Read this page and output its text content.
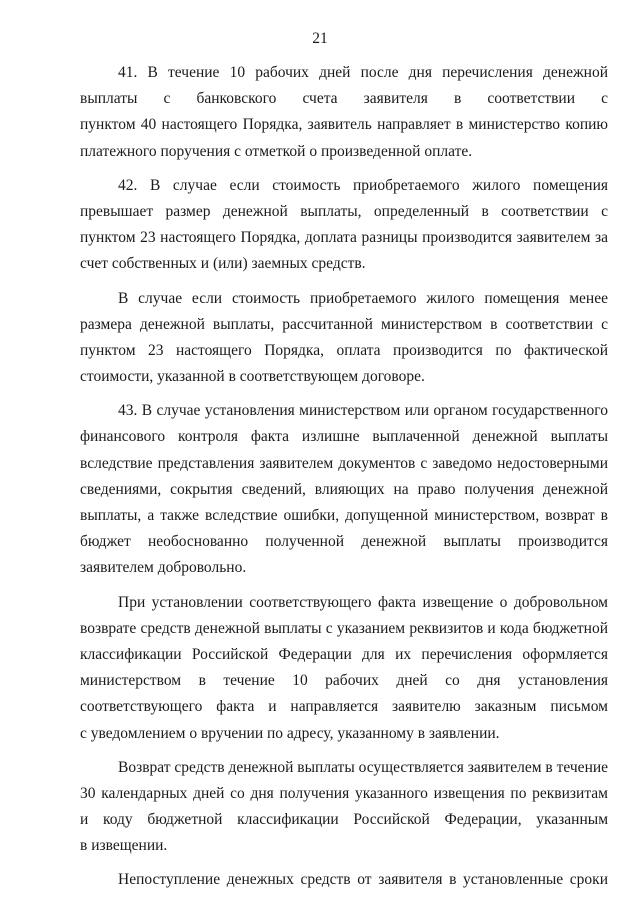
21
41. В течение 10 рабочих дней после дня перечисления денежной
выплаты с банковского счета заявителя в соответствии с
пунктом 40 настоящего Порядка, заявитель направляет в министерство копию
платежного поручения с отметкой о произведенной оплате.
42. В случае если стоимость приобретаемого жилого помещения
превышает размер денежной выплаты, определенный в соответствии с
пунктом 23 настоящего Порядка, доплата разницы производится заявителем за
счет собственных и (или) заемных средств.
В случае если стоимость приобретаемого жилого помещения менее
размера денежной выплаты, рассчитанной министерством в соответствии с
пунктом 23 настоящего Порядка, оплата производится по фактической
стоимости, указанной в соответствующем договоре.
43. В случае установления министерством или органом государственного
финансового контроля факта излишне выплаченной денежной выплаты
вследствие представления заявителем документов с заведомо недостоверными
сведениями, сокрытия сведений, влияющих на право получения денежной
выплаты, а также вследствие ошибки, допущенной министерством, возврат в
бюджет необоснованно полученной денежной выплаты производится
заявителем добровольно.
При установлении соответствующего факта извещение о добровольном
возврате средств денежной выплаты с указанием реквизитов и кода бюджетной
классификации Российской Федерации для их перечисления оформляется
министерством в течение 10 рабочих дней со дня установления
соответствующего факта и направляется заявителю заказным письмом
с уведомлением о вручении по адресу, указанному в заявлении.
Возврат средств денежной выплаты осуществляется заявителем в течение
30 календарных дней со дня получения указанного извещения по реквизитам
и коду бюджетной классификации Российской Федерации, указанным
в извещении.
Непоступление денежных средств от заявителя в установленные сроки
